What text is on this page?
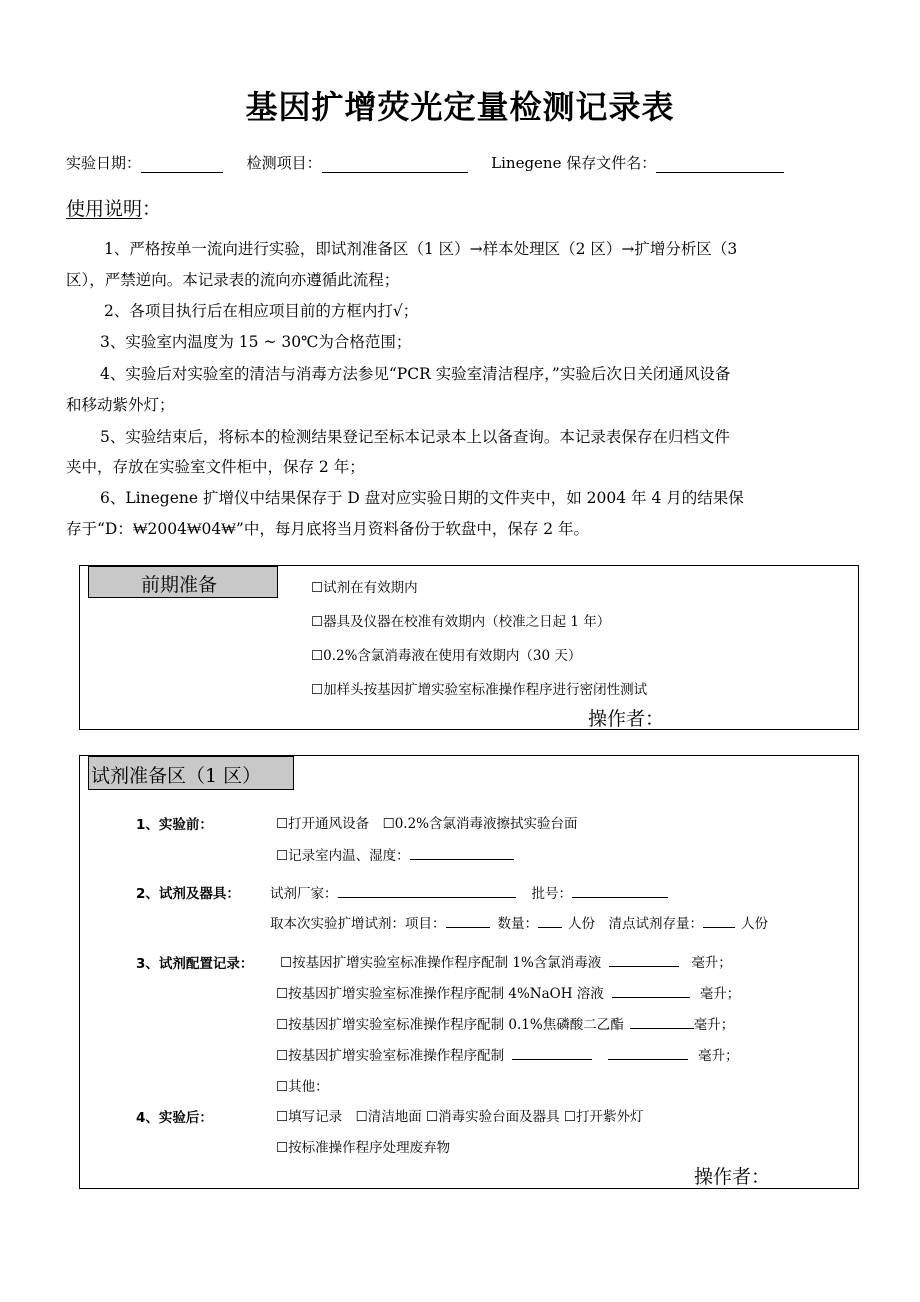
基因扩增荧光定量检测记录表
实验日期：	检测项目：	Linegene 保存文件名：
使用说明：
1、严格按单一流向进行实验，即试剂准备区（1 区）→样本处理区（2 区）→扩增分析区（3
区），严禁逆向。本记录表的流向亦遵循此流程；
2、各项目执行后在相应项目前的方框内打√；
3、实验室内温度为 15 ~ 30℃为合格范围；
4、实验后对实验室的清洁与消毒方法参见“PCR 实验室清洁程序，”实验后次日关闭通风设备
和移动紫外灯；
5、实验结束后，将标本的检测结果登记至标本记录本上以备查询。本记录表保存在归档文件
夹中，存放在实验室文件柜中，保存 2 年；
6、Linegene 扩增仪中结果保存于 D 盘对应实验日期的文件夹中，如 2004 年 4 月的结果保
存于“D：₩2004₩04₩”中，每月底将当月资料备份于软盘中，保存 2 年。
前期准备	☐试剂在有效期内
☐器具及仪器在校准有效期内（校准之日起 1 年）
☐0.2%含氯消毒液在使用有效期内（30 天）
☐加样头按基因扩增实验室标准操作程序进行密闭性测试
操作者：
试剂准备区（1 区）
1、实验前：	☐打开通风设备　☐0.2%含氯消毒液擦拭实验台面
☐记录室内温、湿度：
2、试剂及器具： 试剂厂家：	批号：
取本次实验扩增试剂：项目：	数量： 人份　清点试剂存量：	人份
3、试剂配置记录： ☐按基因扩增实验室标准操作程序配制 1%含氯消毒液	毫升；
☐按基因扩增实验室标准操作程序配制 4%NaOH 溶液	毫升；
☐按基因扩增实验室标准操作程序配制 0.1%焦磷酸二乙酯	毫升；
☐按基因扩增实验室标准操作程序配制	毫升；
☐其他：
4、实验后：	☐填写记录　☐清洁地面 ☐消毒实验台面及器具 ☐打开紫外灯
☐按标准操作程序处理废弃物
操作者：
